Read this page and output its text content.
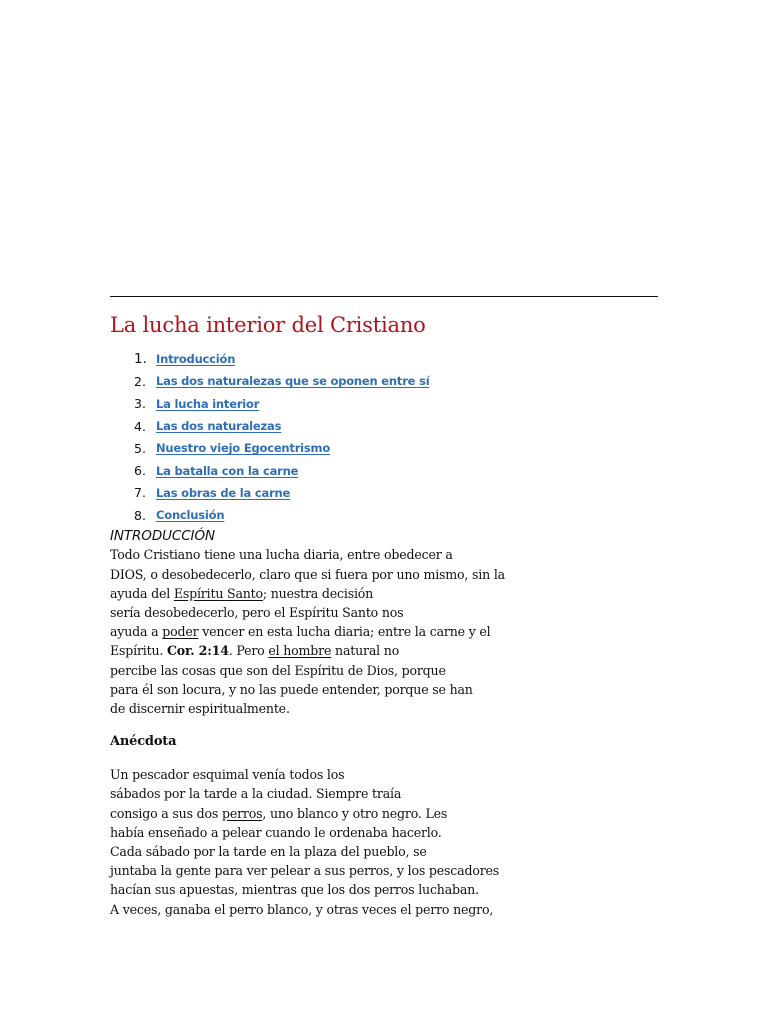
La lucha interior del Cristiano
1. Introducción
2. Las dos naturalezas que se oponen entre sí
3. La lucha interior
4. Las dos naturalezas
5. Nuestro viejo Egocentrismo
6. La batalla con la carne
7. Las obras de la carne
8. Conclusión
INTRODUCCIÓN

Todo Cristiano tiene una lucha diaria, entre obedecer a
DIOS, o desobedecerlo, claro que si fuera por uno mismo, sin la
ayuda del Espíritu Santo; nuestra decisión
sería desobedecerlo, pero el Espíritu Santo nos
ayuda a poder vencer en esta lucha diaria; entre la carne y el
Espíritu. Cor. 2:14. Pero el hombre natural no
percibe las cosas que son del Espíritu de Dios, porque
para él son locura, y no las puede entender, porque se han
de discernir espiritualmente.

Anécdota

Un pescador esquimal venía todos los
sábados por la tarde a la ciudad. Siempre traía
consigo a sus dos perros, uno blanco y otro negro. Les
había enseñado a pelear cuando le ordenaba hacerlo.
Cada sábado por la tarde en la plaza del pueblo, se
juntaba la gente para ver pelear a sus perros, y los pescadores
hacían sus apuestas, mientras que los dos perros luchaban.
A veces, ganaba el perro blanco, y otras veces el perro negro,
